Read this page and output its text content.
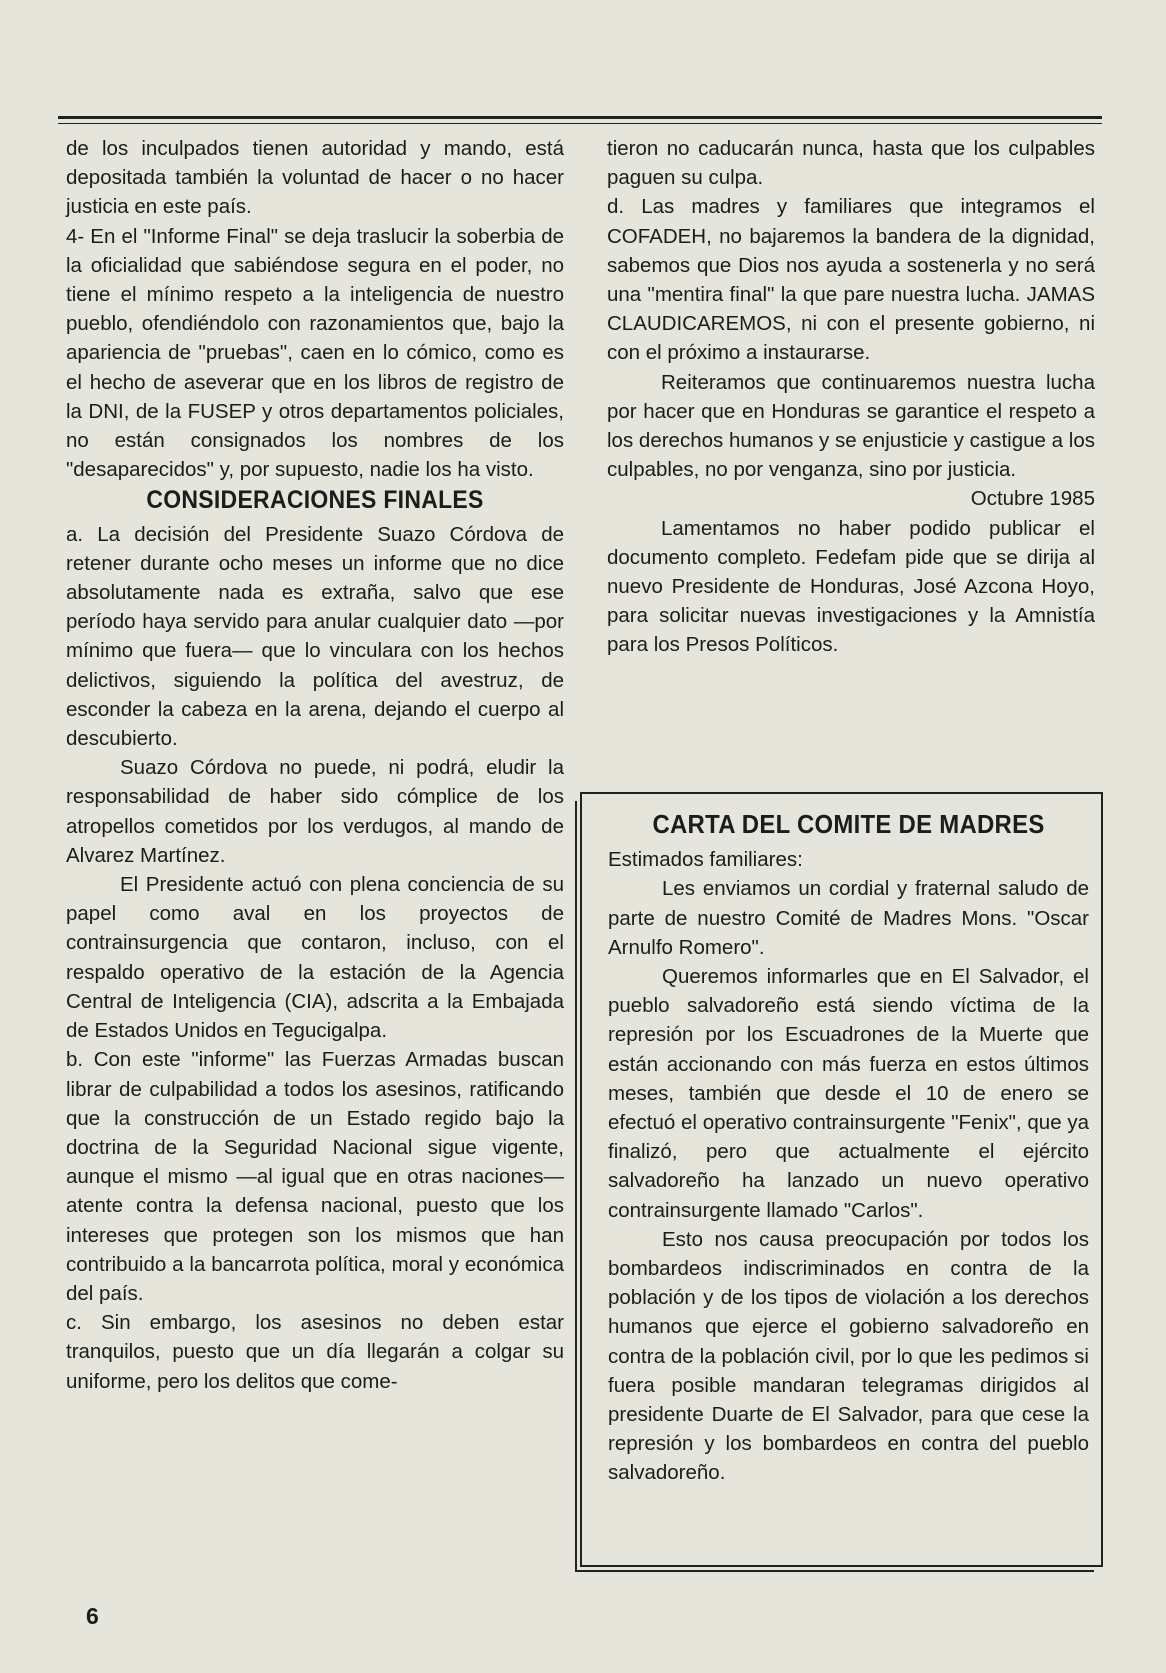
de los inculpados tienen autoridad y mando, está depositada también la voluntad de hacer o no hacer justicia en este país.

4- En el "Informe Final" se deja traslucir la soberbia de la oficialidad que sabiéndose segura en el poder, no tiene el mínimo respeto a la inteligencia de nuestro pueblo, ofendiéndolo con razonamientos que, bajo la apariencia de "pruebas", caen en lo cómico, como es el hecho de aseverar que en los libros de registro de la DNI, de la FUSEP y otros departamentos policiales, no están consignados los nombres de los "desaparecidos" y, por supuesto, nadie los ha visto.

CONSIDERACIONES FINALES

a. La decisión del Presidente Suazo Córdova de retener durante ocho meses un informe que no dice absolutamente nada es extraña, salvo que ese período haya servido para anular cualquier dato —por mínimo que fuera— que lo vinculara con los hechos delictivos, siguiendo la política del avestruz, de esconder la cabeza en la arena, dejando el cuerpo al descubierto.

Suazo Córdova no puede, ni podrá, eludir la responsabilidad de haber sido cómplice de los atropellos cometidos por los verdugos, al mando de Alvarez Martínez.

El Presidente actuó con plena conciencia de su papel como aval en los proyectos de contrainsurgencia que contaron, incluso, con el respaldo operativo de la estación de la Agencia Central de Inteligencia (CIA), adscrita a la Embajada de Estados Unidos en Tegucigalpa.

b. Con este "informe" las Fuerzas Armadas buscan librar de culpabilidad a todos los asesinos, ratificando que la construcción de un Estado regido bajo la doctrina de la Seguridad Nacional sigue vigente, aunque el mismo —al igual que en otras naciones— atente contra la defensa nacional, puesto que los intereses que protegen son los mismos que han contribuido a la bancarrota política, moral y económica del país.

c. Sin embargo, los asesinos no deben estar tranquilos, puesto que un día llegarán a colgar su uniforme, pero los delitos que come-

tieron no caducarán nunca, hasta que los culpables paguen su culpa.

d. Las madres y familiares que integramos el COFADEH, no bajaremos la bandera de la dignidad, sabemos que Dios nos ayuda a sostenerla y no será una "mentira final" la que pare nuestra lucha. JAMAS CLAUDICAREMOS, ni con el presente gobierno, ni con el próximo a instaurarse.

Reiteramos que continuaremos nuestra lucha por hacer que en Honduras se garantice el respeto a los derechos humanos y se enjusticie y castigue a los culpables, no por venganza, sino por justicia.

Octubre 1985

Lamentamos no haber podido publicar el documento completo. Fedefam pide que se dirija al nuevo Presidente de Honduras, José Azcona Hoyo, para solicitar nuevas investigaciones y la Amnistía para los Presos Políticos.

CARTA DEL COMITE DE MADRES

Estimados familiares:

Les enviamos un cordial y fraternal saludo de parte de nuestro Comité de Madres Mons. "Oscar Arnulfo Romero".

Queremos informarles que en El Salvador, el pueblo salvadoreño está siendo víctima de la represión por los Escuadrones de la Muerte que están accionando con más fuerza en estos últimos meses, también que desde el 10 de enero se efectuó el operativo contrainsurgente "Fenix", que ya finalizó, pero que actualmente el ejército salvadoreño ha lanzado un nuevo operativo contrainsurgente llamado "Carlos".

Esto nos causa preocupación por todos los bombardeos indiscriminados en contra de la población y de los tipos de violación a los derechos humanos que ejerce el gobierno salvadoreño en contra de la población civil, por lo que les pedimos si fuera posible mandaran telegramas dirigidos al presidente Duarte de El Salvador, para que cese la represión y los bombardeos en contra del pueblo salvadoreño.

6
